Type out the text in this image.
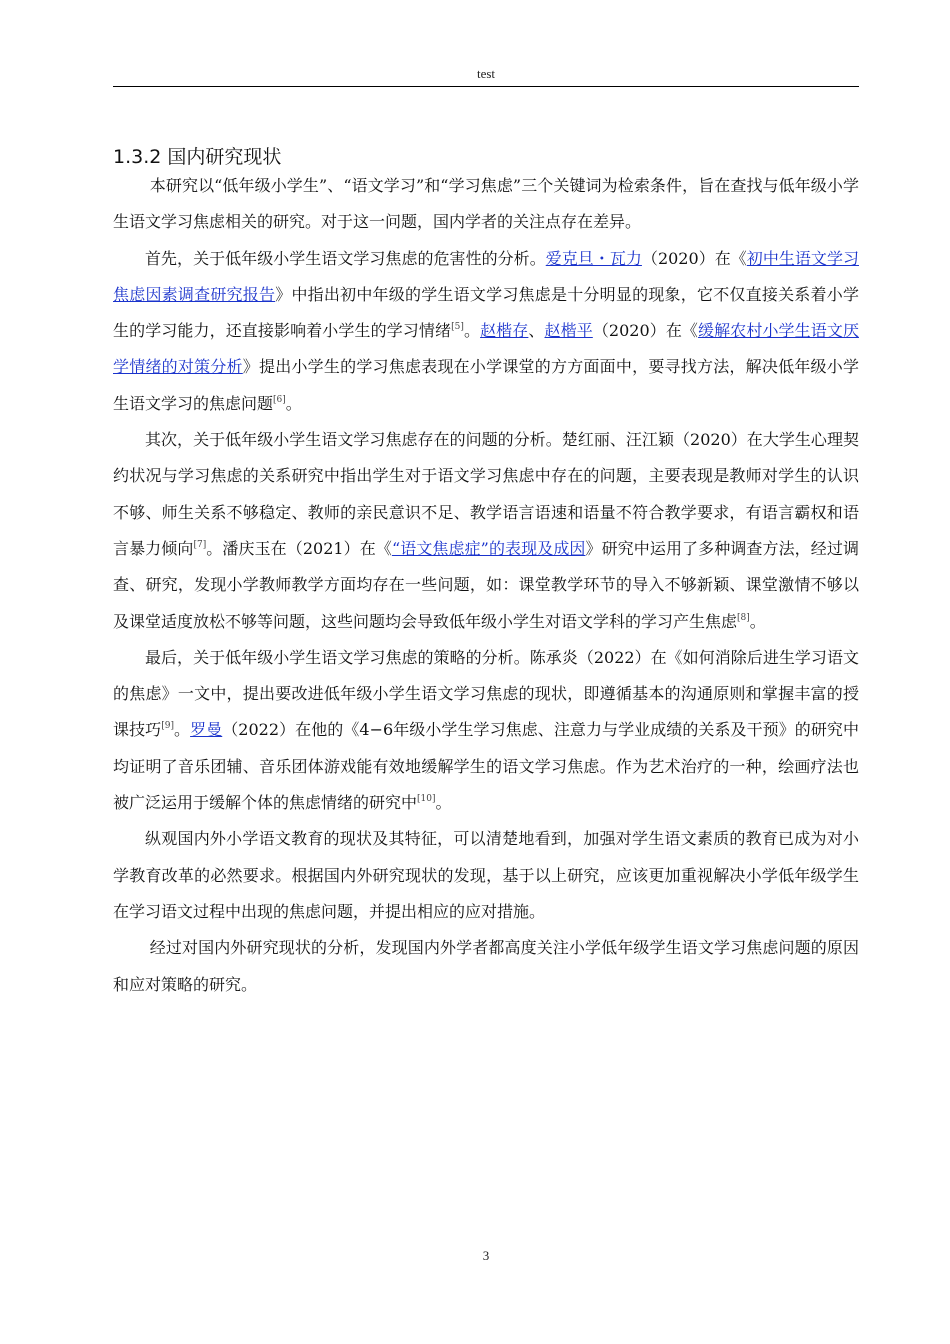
test
1.3.2 国内研究现状

本研究以“低年级小学生”、“语文学习”和“学习焦虑”三个关键词为检索条件，旨在查找与低年级小学生语文学习焦虑相关的研究。对于这一问题，国内学者的关注点存在差异。

首先，关于低年级小学生语文学习焦虑的危害性的分析。爱克旦・瓦力（2020）在《初中生语文学习焦虑因素调查研究报告》中指出初中年级的学生语文学习焦虑是十分明显的现象，它不仅直接关系着小学生的学习能力，还直接影响着小学生的学习情绪[5]。赵楷存、赵楷平（2020）在《缓解农村小学生语文厌学情绪的对策分析》提出小学生的学习焦虑表现在小学课堂的方方面面中，要寻找方法，解决低年级小学生语文学习的焦虑问题[6]。

其次，关于低年级小学生语文学习焦虑存在的问题的分析。楚红丽、汪江颖（2020）在大学生心理契约状况与学习焦虑的关系研究中指出学生对于语文学习焦虑中存在的问题，主要表现是教师对学生的认识不够、师生关系不够稳定、教师的亲民意识不足、教学语言语速和语量不符合教学要求，有语言霸权和语言暴力倾向[7]。潘庆玉在（2021）在《“语文焦虑症”的表现及成因》研究中运用了多种调查方法，经过调查、研究，发现小学教师教学方面均存在一些问题，如：课堂教学环节的导入不够新颖、课堂激情不够以及课堂适度放松不够等问题，这些问题均会导致低年级小学生对语文学科的学习产生焦虑[8]。

最后，关于低年级小学生语文学习焦虑的策略的分析。陈承炎（2022）在《如何消除后进生学习语文的焦虑》一文中，提出要改进低年级小学生语文学习焦虑的现状，即遵循基本的沟通原则和掌握丰富的授课技巧[9]。罗曼（2022）在他的《4−6年级小学生学习焦虑、注意力与学业成绩的关系及干预》的研究中均证明了音乐团辅、音乐团体游戏能有效地缓解学生的语文学习焦虑。作为艺术治疗的一种，绘画疗法也被广泛运用于缓解个体的焦虑情绪的研究中[10]。

纵观国内外小学语文教育的现状及其特征，可以清楚地看到，加强对学生语文素质的教育已成为对小学教育改革的必然要求。根据国内外研究现状的发现，基于以上研究，应该更加重视解决小学低年级学生在学习语文过程中出现的焦虑问题，并提出相应的应对措施。

经过对国内外研究现状的分析，发现国内外学者都高度关注小学低年级学生语文学习焦虑问题的原因和应对策略的研究。

3
